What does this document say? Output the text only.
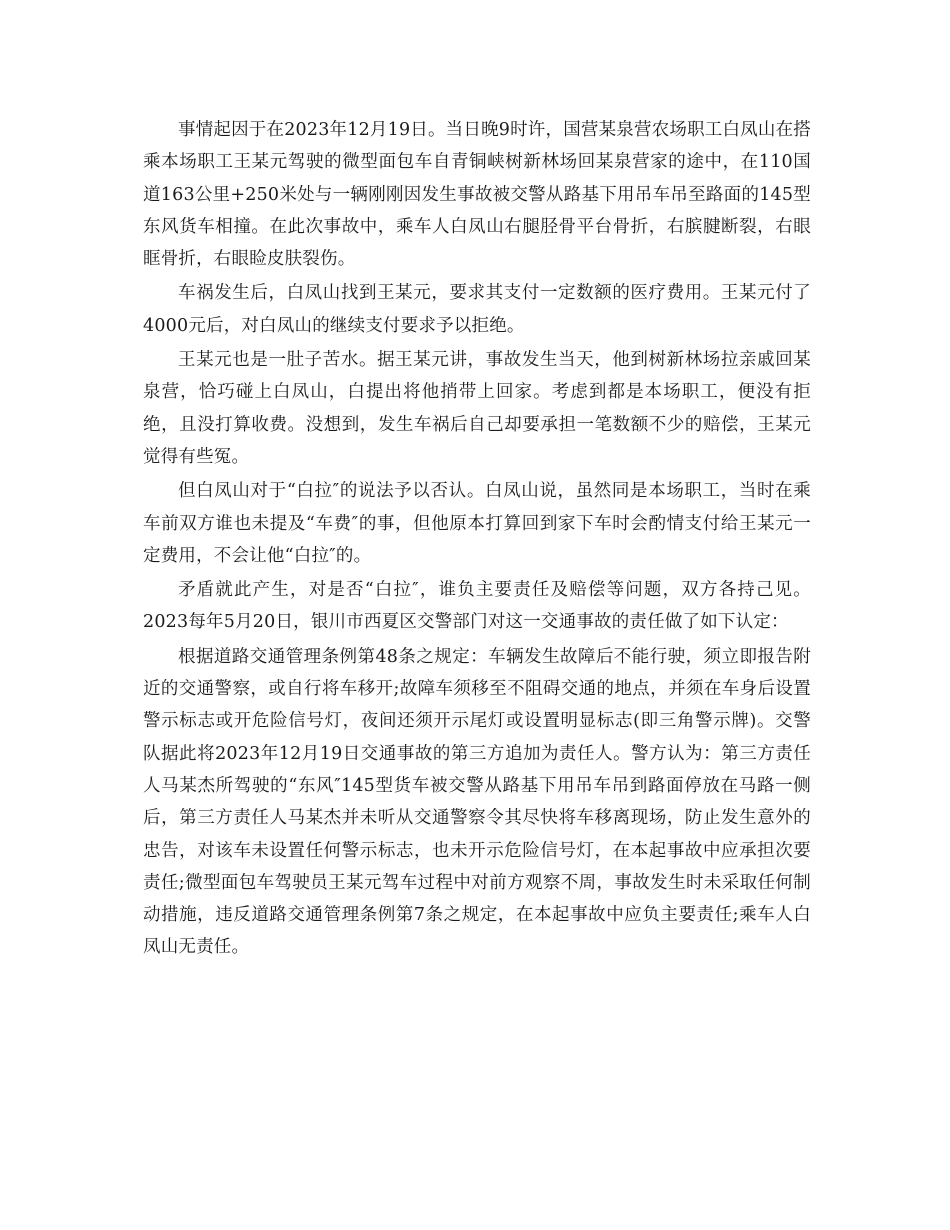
事情起因于在2023年12月19日。当日晚9时许，国营某泉营农场职工白凤山在搭乘本场职工王某元驾驶的微型面包车自青铜峡树新林场回某泉营家的途中，在110国道163公里+250米处与一辆刚刚因发生事故被交警从路基下用吊车吊至路面的145型东风货车相撞。在此次事故中，乘车人白凤山右腿胫骨平台骨折，右膑腱断裂，右眼眶骨折，右眼睑皮肤裂伤。

车祸发生后，白凤山找到王某元，要求其支付一定数额的医疗费用。王某元付了4000元后，对白凤山的继续支付要求予以拒绝。

王某元也是一肚子苦水。据王某元讲，事故发生当天，他到树新林场拉亲戚回某泉营，恰巧碰上白凤山，白提出将他捎带上回家。考虑到都是本场职工，便没有拒绝，且没打算收费。没想到，发生车祸后自己却要承担一笔数额不少的赔偿，王某元觉得有些冤。

但白凤山对于“白拉″的说法予以否认。白凤山说，虽然同是本场职工，当时在乘车前双方谁也未提及“车费″的事，但他原本打算回到家下车时会酌情支付给王某元一定费用，不会让他“白拉″的。

矛盾就此产生，对是否“白拉″，谁负主要责任及赔偿等问题，双方各持己见。2023每年5月20日，银川市西夏区交警部门对这一交通事故的责任做了如下认定：

根据道路交通管理条例第48条之规定：车辆发生故障后不能行驶，须立即报告附近的交通警察，或自行将车移开;故障车须移至不阻碍交通的地点，并须在车身后设置警示标志或开危险信号灯，夜间还须开示尾灯或设置明显标志(即三角警示牌)。交警队据此将2023年12月19日交通事故的第三方追加为责任人。警方认为：第三方责任人马某杰所驾驶的“东风″145型货车被交警从路基下用吊车吊到路面停放在马路一侧后，第三方责任人马某杰并未听从交通警察令其尽快将车移离现场，防止发生意外的忠告，对该车未设置任何警示标志，也未开示危险信号灯，在本起事故中应承担次要责任;微型面包车驾驶员王某元驾车过程中对前方观察不周，事故发生时未采取任何制动措施，违反道路交通管理条例第7条之规定，在本起事故中应负主要责任;乘车人白凤山无责任。
